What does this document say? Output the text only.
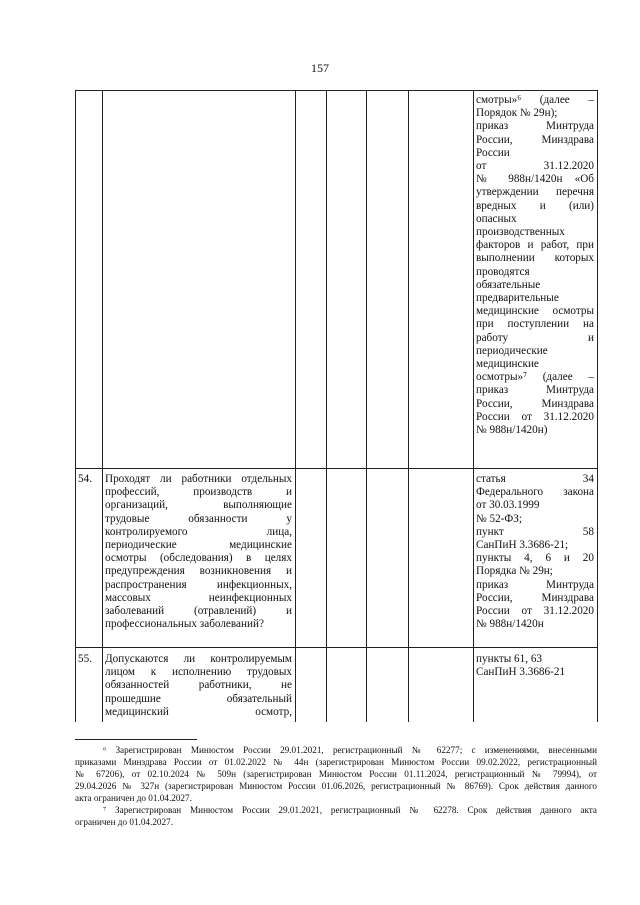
157
смотры»⁶ (далее –
Порядок № 29н);
приказ Минтруда
России, Минздрава
России
от 31.12.2020
№ 988н/1420н «Об
утверждении перечня
вредных и (или)
опасных
производственных
факторов и работ, при
выполнении которых
проводятся
обязательные
предварительные
медицинские осмотры
при поступлении на
работу и
периодические
медицинские
осмотры»⁷ (далее –
приказ Минтруда
России, Минздрава
России от 31.12.2020
№ 988н/1420н)
54.	Проходят ли работники отдельных
профессий, производств и
организаций, выполняющие
трудовые обязанности у
контролируемого лица,
периодические медицинские
осмотры (обследования) в целях
предупреждения возникновения и
распространения инфекционных,
массовых неинфекционных
заболеваний (отравлений) и
профессиональных заболеваний?
статья 34
Федерального закона
от 30.03.1999
№ 52-ФЗ;
пункт 58
СанПиН 3.3686-21;
пункты 4, 6 и 20
Порядка № 29н;
приказ Минтруда
России, Минздрава
России от 31.12.2020
№ 988н/1420н
55.	Допускаются ли контролируемым
лицом к исполнению трудовых
обязанностей работники, не
прошедшие обязательный
медицинский осмотр,
пункты 61, 63
СанПиН 3.3686-21
⁶ Зарегистрирован Минюстом России 29.01.2021, регистрационный № 62277; с изменениями, внесенными
приказами Минздрава России от 01.02.2022 № 44н (зарегистрирован Минюстом России 09.02.2022, регистрационный
№ 67206), от 02.10.2024 № 509н (зарегистрирован Минюстом России 01.11.2024, регистрационный № 79994), от
29.04.2026 № 327н (зарегистрирован Минюстом России 01.06.2026, регистрационный № 86769). Срок действия данного
акта ограничен до 01.04.2027.
⁷ Зарегистрирован Минюстом России 29.01.2021, регистрационный № 62278. Срок действия данного акта
ограничен до 01.04.2027.
